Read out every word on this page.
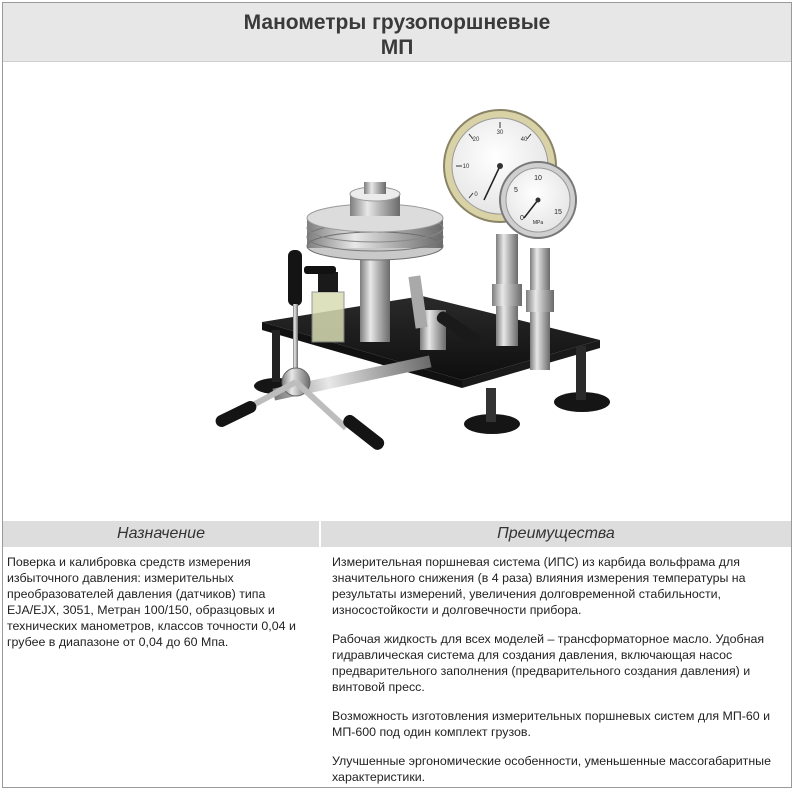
Манометры грузопоршневые
МП
0
10
20
30
40
0
5
10
15
MPa
Назначение	Преимущества

Поверка и калибровка средств измерения избыточного давления: измерительных преобразователей давления (датчиков) типа EJA/EJX, 3051, Метран 100/150, образцовых и технических манометров, классов точности 0,04 и грубее в диапазоне от 0,04 до 60 Мпа.

Измерительная поршневая система (ИПС) из карбида вольфрама для значительного снижения (в 4 раза) влияния измерения температуры на результаты измерений, увеличения долговременной стабильности, износостойкости и долговечности прибора.

Рабочая жидкость для всех моделей – трансформаторное масло. Удобная гидравлическая система для создания давления, включающая насос предварительного заполнения (предварительного создания давления) и винтовой пресс.

Возможность изготовления измерительных поршневых систем для МП-60 и МП-600 под один комплект грузов.

Улучшенные эргономические особенности, уменьшенные массогабаритные характеристики.
